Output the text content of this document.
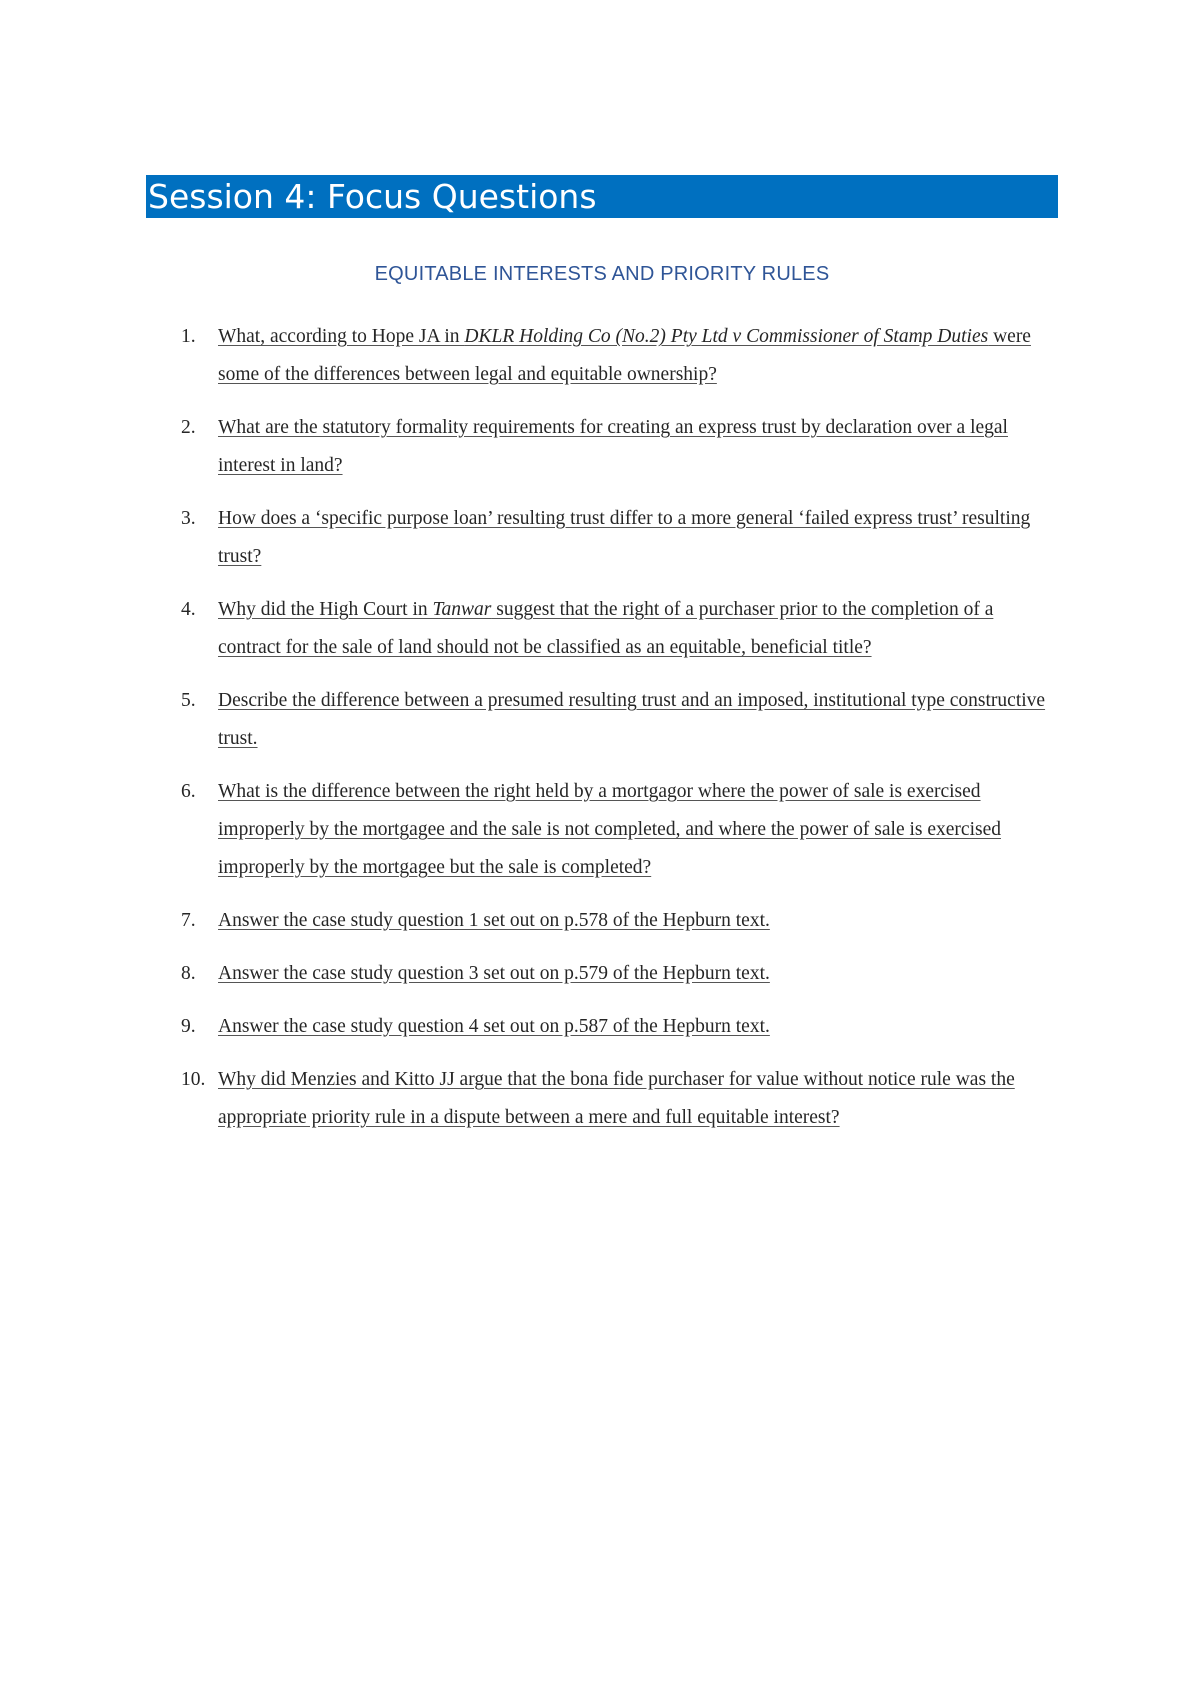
Session 4: Focus Questions
EQUITABLE INTERESTS AND PRIORITY RULES
1. What, according to Hope JA in DKLR Holding Co (No.2) Pty Ltd v Commissioner of Stamp Duties were some of the differences between legal and equitable ownership?
2. What are the statutory formality requirements for creating an express trust by declaration over a legal interest in land?
3. How does a ‘specific purpose loan’ resulting trust differ to a more general ‘failed express trust’ resulting trust?
4. Why did the High Court in Tanwar suggest that the right of a purchaser prior to the completion of a contract for the sale of land should not be classified as an equitable, beneficial title?
5. Describe the difference between a presumed resulting trust and an imposed, institutional type constructive trust.
6. What is the difference between the right held by a mortgagor where the power of sale is exercised improperly by the mortgagee and the sale is not completed, and where the power of sale is exercised improperly by the mortgagee but the sale is completed?
7. Answer the case study question 1 set out on p.578 of the Hepburn text.
8. Answer the case study question 3 set out on p.579 of the Hepburn text.
9. Answer the case study question 4 set out on p.587 of the Hepburn text.
10. Why did Menzies and Kitto JJ argue that the bona fide purchaser for value without notice rule was the appropriate priority rule in a dispute between a mere and full equitable interest?
